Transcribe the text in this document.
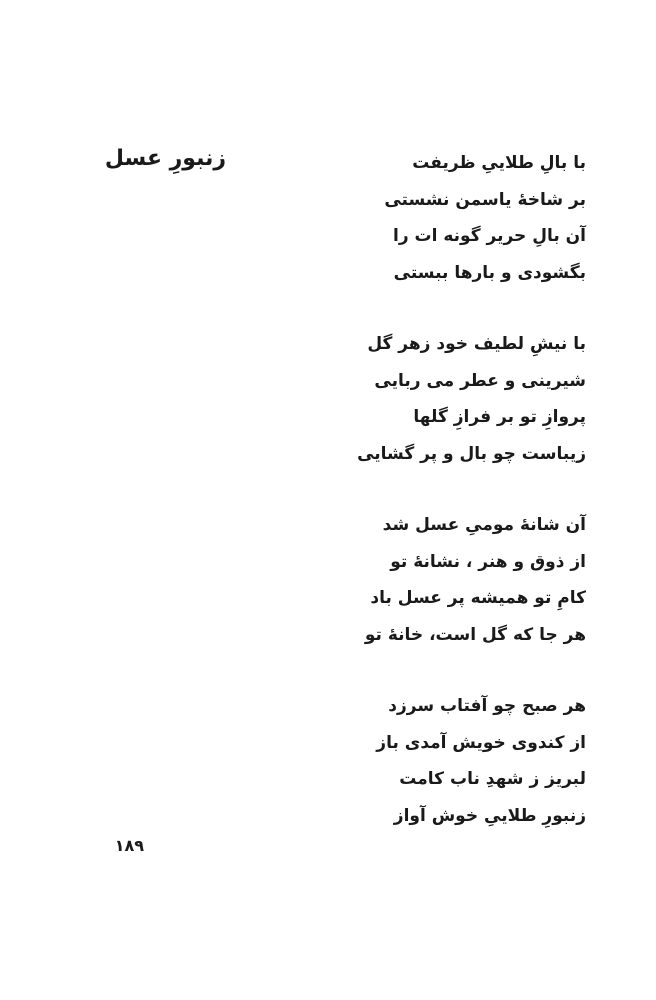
زنبورِ عسل	با بالِ طلاییِ ظریفت
بر شاخهٔ یاسمن نشستی
آن بالِ حریر گونه ات را
بگشودی و بارها ببستی
با نیشِ لطیف خود زهر گل
شیرینی و عطر می ربایی
پروازِ تو بر فرازِ گلها
زیباست چو بال و پر گشایی
آن شانهٔ مومیِ عسل شد
از ذوق و هنر ، نشانهٔ تو
کامِ تو همیشه پر عسل باد
هر جا که گل است، خانهٔ تو
هر صبح چو آفتاب سرزد
از کندوی خویش آمدی باز
لبریز ز شهدِ ناب کامت
زنبورِ طلاییِ خوش آواز
۱۸۹
